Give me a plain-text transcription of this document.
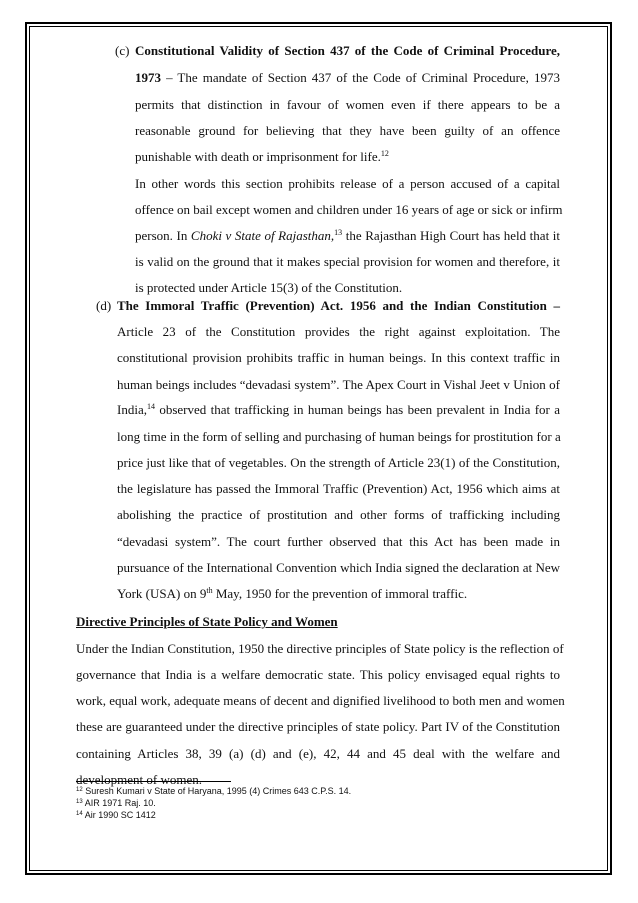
(c) Constitutional Validity of Section 437 of the Code of Criminal Procedure,
1973 – The mandate of Section 437 of the Code of Criminal Procedure, 1973
permits that distinction in favour of women even if there appears to be a
reasonable ground for believing that they have been guilty of an offence
punishable with death or imprisonment for life.$^{12}$
In other words this section prohibits release of a person accused of a capital
offence on bail except women and children under 16 years of age or sick or infirm
person. In Choki v State of Rajasthan,$^{13}$ the Rajasthan High Court has held that it
is valid on the ground that it makes special provision for women and therefore, it
is protected under Article 15(3) of the Constitution.
(d) The Immoral Traffic (Prevention) Act. 1956 and the Indian Constitution –
Article 23 of the Constitution provides the right against exploitation. The
constitutional provision prohibits traffic in human beings. In this context traffic in
human beings includes “devadasi system”. The Apex Court in Vishal Jeet v Union of
India,$^{14}$ observed that trafficking in human beings has been prevalent in India for a
long time in the form of selling and purchasing of human beings for prostitution for a
price just like that of vegetables. On the strength of Article 23(1) of the Constitution,
the legislature has passed the Immoral Traffic (Prevention) Act, 1956 which aims at
abolishing the practice of prostitution and other forms of trafficking including
“devadasi system”. The court further observed that this Act has been made in
pursuance of the International Convention which India signed the declaration at New
York (USA) on 9th May, 1950 for the prevention of immoral traffic.
Directive Principles of State Policy and Women
Under the Indian Constitution, 1950 the directive principles of State policy is the reflection of
governance that India is a welfare democratic state. This policy envisaged equal rights to
work, equal work, adequate means of decent and dignified livelihood to both men and women
these are guaranteed under the directive principles of state policy. Part IV of the Constitution
containing Articles 38, 39 (a) (d) and (e), 42, 44 and 45 deal with the welfare and
development of women.
$^{12}$ Suresh Kumari v State of Haryana, 1995 (4) Crimes 643 C.P.S. 14.
$^{13}$ AIR 1971 Raj. 10.
$^{14}$ Air 1990 SC 1412
